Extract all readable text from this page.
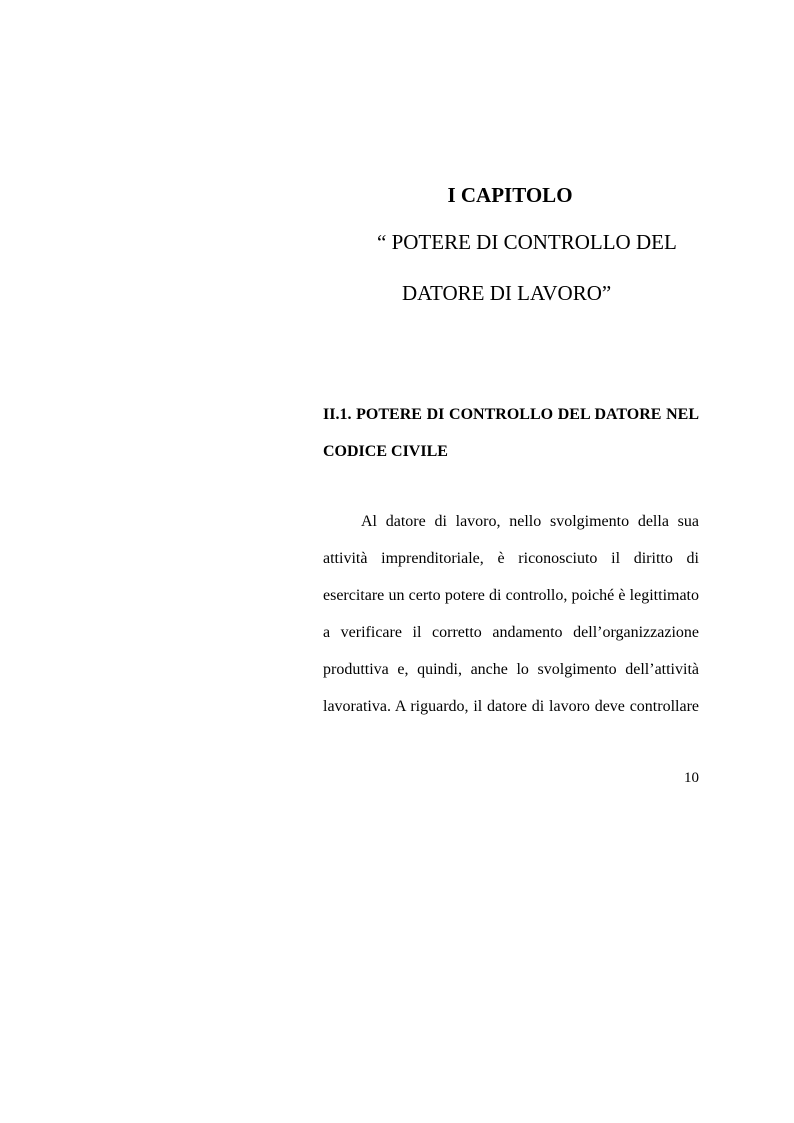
I CAPITOLO

“ POTERE DI CONTROLLO DEL

DATORE DI LAVORO”

II.1. POTERE DI CONTROLLO DEL DATORE NEL
CODICE CIVILE

Al datore di lavoro, nello svolgimento della sua
attività imprenditoriale, è riconosciuto il diritto di
esercitare un certo potere di controllo, poiché è legittimato
a verificare il corretto andamento dell’organizzazione
produttiva e, quindi, anche lo svolgimento dell’attività
lavorativa. A riguardo, il datore di lavoro deve controllare

10
